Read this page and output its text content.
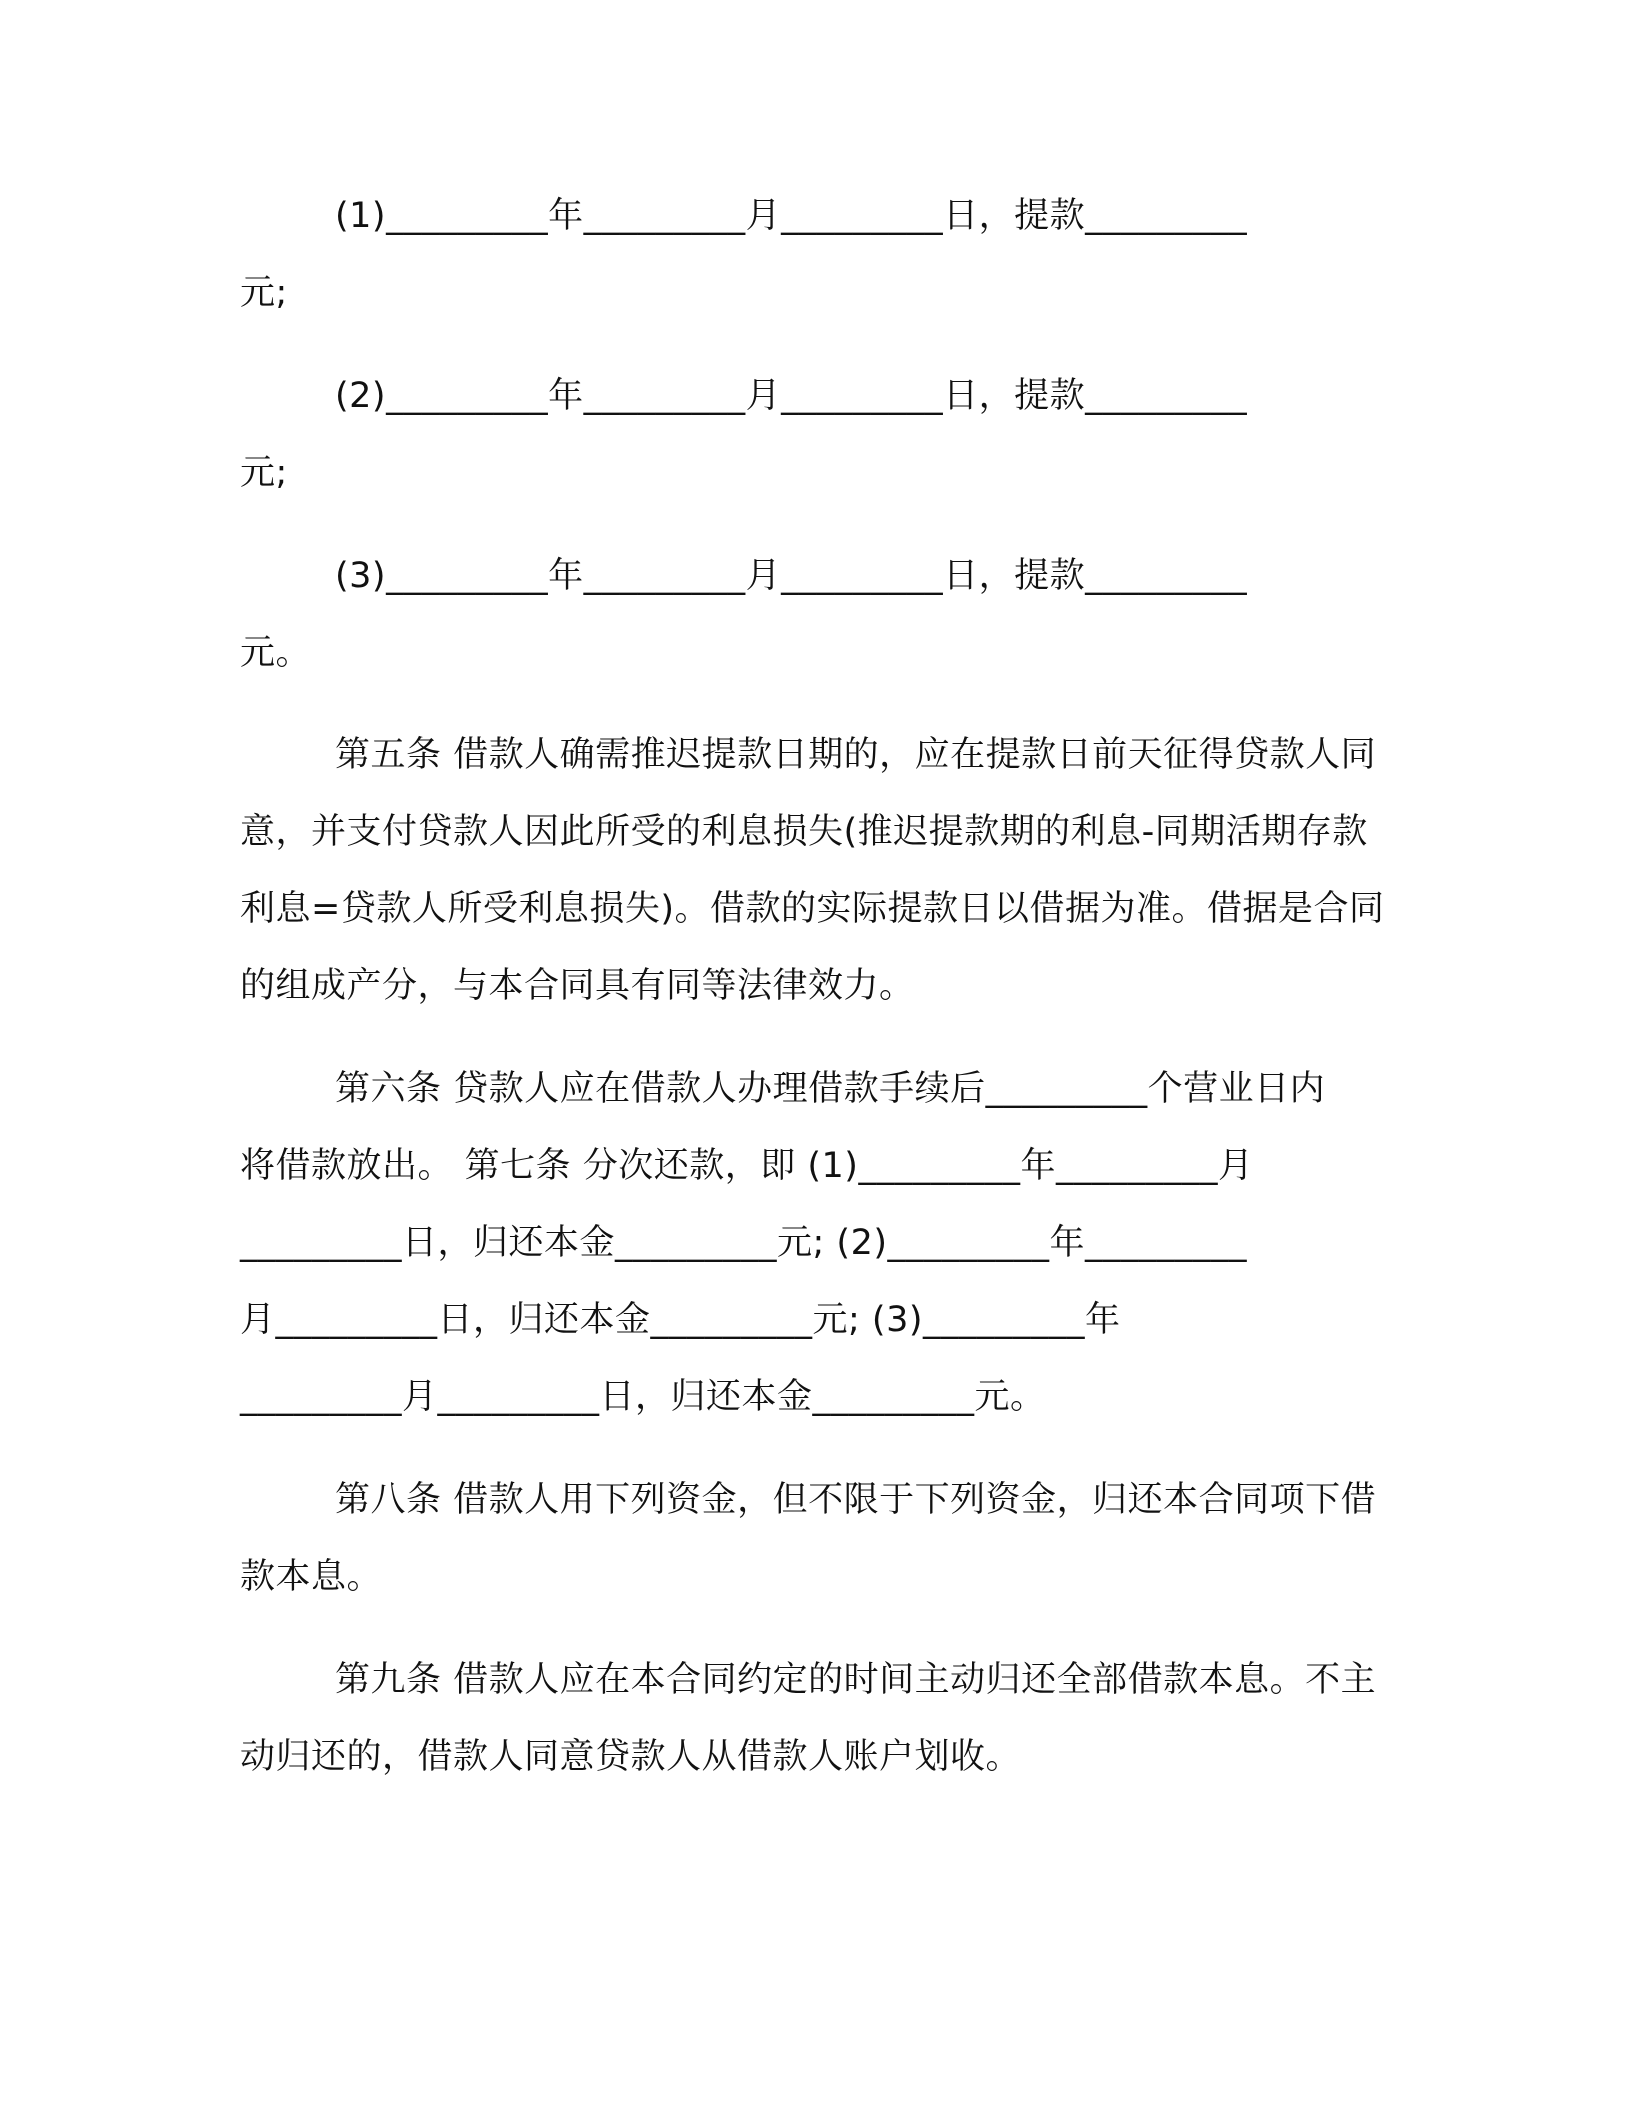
(1)_________年_________月_________日，提款_________

元;

(2)_________年_________月_________日，提款_________

元;

(3)_________年_________月_________日，提款_________

元。

第五条 借款人确需推迟提款日期的，应在提款日前天征得贷款人同意，并支付贷款人因此所受的利息损失(推迟提款期的利息-同期活期存款利息=贷款人所受利息损失)。借款的实际提款日以借据为准。借据是合同的组成产分，与本合同具有同等法律效力。

第六条 贷款人应在借款人办理借款手续后_________个营业日内

将借款放出。 第七条 分次还款，即 (1)_________年_________月

_________日，归还本金_________元; (2)_________年_________

月_________日，归还本金_________元; (3)_________年

_________月_________日，归还本金_________元。

第八条 借款人用下列资金，但不限于下列资金，归还本合同项下借款本息。

第九条 借款人应在本合同约定的时间主动归还全部借款本息。不主动归还的，借款人同意贷款人从借款人账户划收。
